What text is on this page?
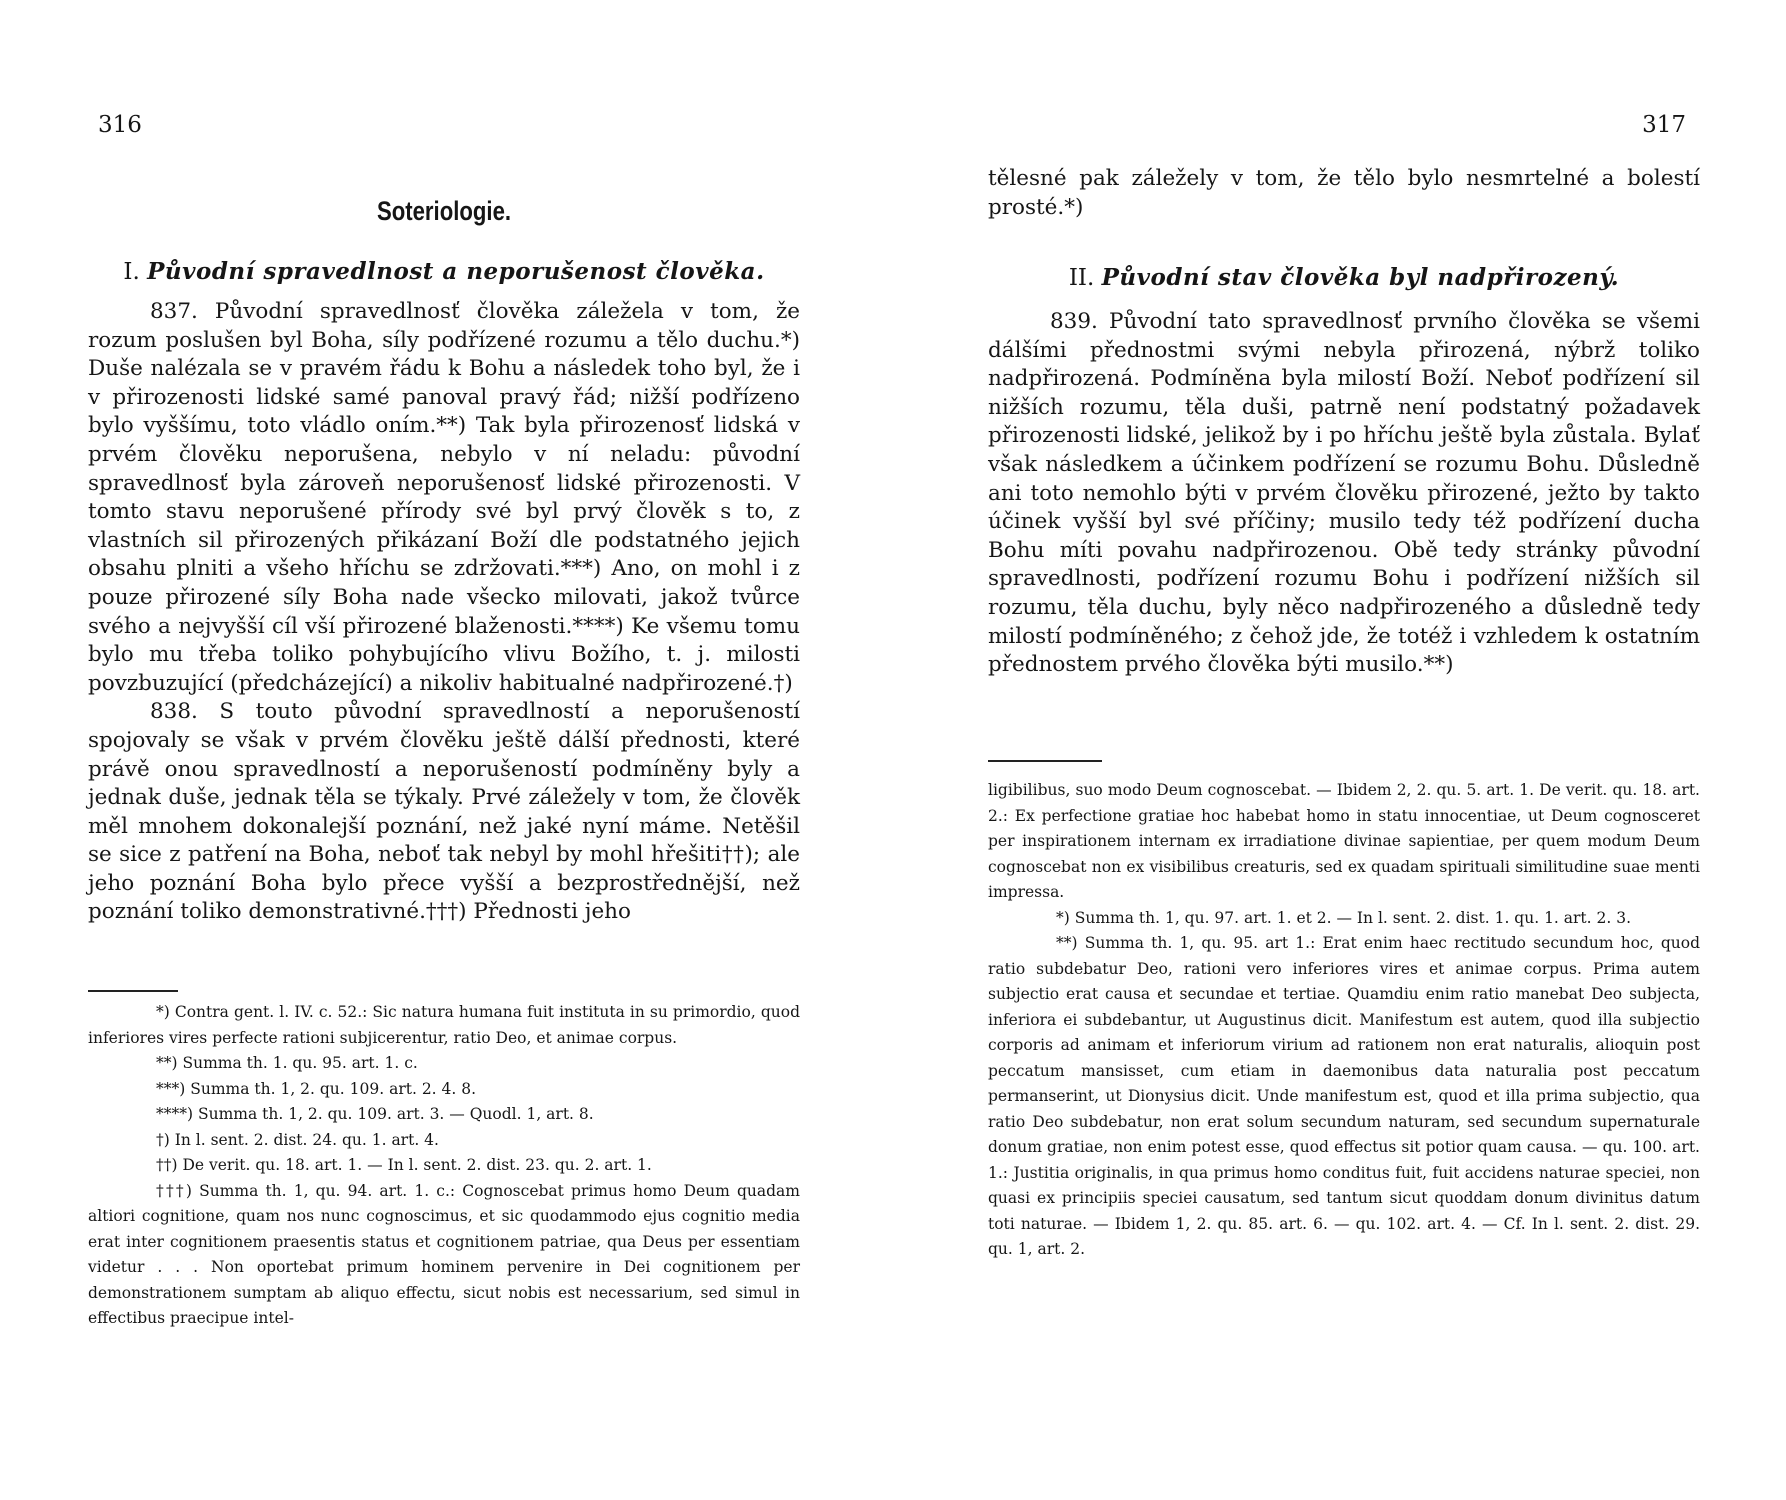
316
Soteriologie.
I. Původní spravedlnost a neporušenost člověka.

837. Původní spravedlnosť člověka záležela v tom, že rozum poslušen byl Boha, síly podřízené rozumu a tělo duchu.*) Duše nalézala se v pravém řádu k Bohu a následek toho byl, že i v přirozenosti lidské samé panoval pravý řád; nižší podřízeno bylo vyššímu, toto vládlo oním.**) Tak byla přirozenosť lidská v prvém člověku neporušena, nebylo v ní neladu: původní spravedlnosť byla zároveň neporušenosť lidské přirozenosti. V tomto stavu neporušené přírody své byl prvý člověk s to, z vlastních sil přirozených přikázaní Boží dle podstatného jejich obsahu plniti a všeho hříchu se zdržovati.***) Ano, on mohl i z pouze přirozené síly Boha nade všecko milovati, jakož tvůrce svého a nejvyšší cíl vší přirozené blaženosti.****) Ke všemu tomu bylo mu třeba toliko pohybujícího vlivu Božího, t. j. milosti povzbuzující (předcházející) a nikoliv habitualné nadpřirozené.†)

838. S touto původní spravedlností a neporušeností spojovaly se však v prvém člověku ještě dálší přednosti, které právě onou spravedlností a neporušeností podmíněny byly a jednak duše, jednak těla se týkaly. Prvé záležely v tom, že člověk měl mnohem dokonalejší poznání, než jaké nyní máme. Netěšil se sice z patření na Boha, neboť tak nebyl by mohl hřešiti††); ale jeho poznání Boha bylo přece vyšší a bezprostřednější, než poznání toliko demonstrativné.†††) Přednosti jeho

*) Contra gent. l. IV. c. 52.: Sic natura humana fuit instituta in su primordio, quod inferiores vires perfecte rationi subjicerentur, ratio Deo, et animae corpus.

**) Summa th. 1. qu. 95. art. 1. c.

***) Summa th. 1, 2. qu. 109. art. 2. 4. 8.

****) Summa th. 1, 2. qu. 109. art. 3. — Quodl. 1, art. 8.

†) In l. sent. 2. dist. 24. qu. 1. art. 4.

††) De verit. qu. 18. art. 1. — In l. sent. 2. dist. 23. qu. 2. art. 1.

†††) Summa th. 1, qu. 94. art. 1. c.: Cognoscebat primus homo Deum quadam altiori cognitione, quam nos nunc cognoscimus, et sic quodammodo ejus cognitio media erat inter cognitionem praesentis status et cognitionem patriae, qua Deus per essentiam videtur . . . Non oportebat primum hominem pervenire in Dei cognitionem per demonstrationem sumptam ab aliquo effectu, sicut nobis est necessarium, sed simul in effectibus praecipue intel-

317

tělesné pak záležely v tom, že tělo bylo nesmrtelné a bolestí prosté.*)

II. Původní stav člověka byl nadpřirozený.

839. Původní tato spravedlnosť prvního člověka se všemi dálšími přednostmi svými nebyla přirozená, nýbrž toliko nadpřirozená. Podmíněna byla milostí Boží. Neboť podřízení sil nižších rozumu, těla duši, patrně není podstatný požadavek přirozenosti lidské, jelikož by i po hříchu ještě byla zůstala. Bylať však následkem a účinkem podřízení se rozumu Bohu. Důsledně ani toto nemohlo býti v prvém člověku přirozené, ježto by takto účinek vyšší byl své příčiny; musilo tedy též podřízení ducha Bohu míti povahu nadpřirozenou. Obě tedy stránky původní spravedlnosti, podřízení rozumu Bohu i podřízení nižších sil rozumu, těla duchu, byly něco nadpřirozeného a důsledně tedy milostí podmíněného; z čehož jde, že totéž i vzhledem k ostatním přednostem prvého člověka býti musilo.**)

ligibilibus, suo modo Deum cognoscebat. — Ibidem 2, 2. qu. 5. art. 1. De verit. qu. 18. art. 2.: Ex perfectione gratiae hoc habebat homo in statu innocentiae, ut Deum cognosceret per inspirationem internam ex irradiatione divinae sapientiae, per quem modum Deum cognoscebat non ex visibilibus creaturis, sed ex quadam spirituali similitudine suae menti impressa.

*) Summa th. 1, qu. 97. art. 1. et 2. — In l. sent. 2. dist. 1. qu. 1. art. 2. 3.

**) Summa th. 1, qu. 95. art 1.: Erat enim haec rectitudo secundum hoc, quod ratio subdebatur Deo, rationi vero inferiores vires et animae corpus. Prima autem subjectio erat causa et secundae et tertiae. Quamdiu enim ratio manebat Deo subjecta, inferiora ei subdebantur, ut Augustinus dicit. Manifestum est autem, quod illa subjectio corporis ad animam et inferiorum virium ad rationem non erat naturalis, alioquin post peccatum mansisset, cum etiam in daemonibus data naturalia post peccatum permanserint, ut Dionysius dicit. Unde manifestum est, quod et illa prima subjectio, qua ratio Deo subdebatur, non erat solum secundum naturam, sed secundum supernaturale donum gratiae, non enim potest esse, quod effectus sit potior quam causa. — qu. 100. art. 1.: Justitia originalis, in qua primus homo conditus fuit, fuit accidens naturae speciei, non quasi ex principiis speciei causatum, sed tantum sicut quoddam donum divinitus datum toti naturae. — Ibidem 1, 2. qu. 85. art. 6. — qu. 102. art. 4. — Cf. In l. sent. 2. dist. 29. qu. 1, art. 2.
